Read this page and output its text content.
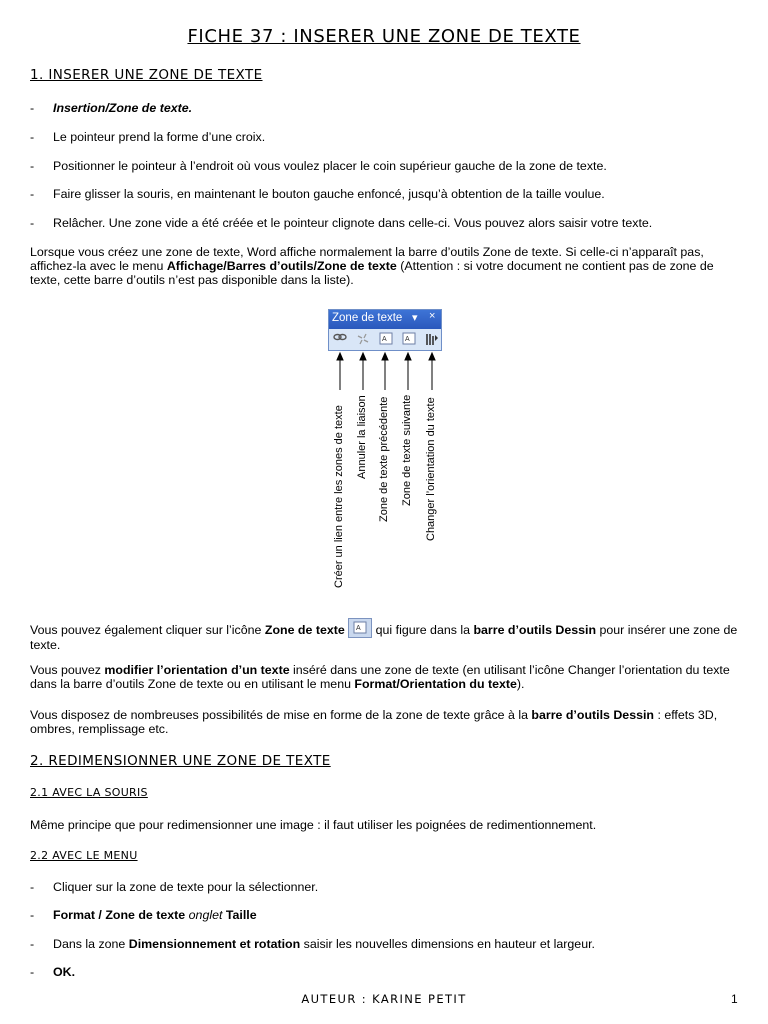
FICHE 37 : INSERER UNE ZONE DE TEXTE
1. INSERER UNE ZONE DE TEXTE
- Insertion/Zone de texte.
- Le pointeur prend la forme d’une croix.
- Positionner le pointeur à l’endroit où vous voulez placer le coin supérieur gauche de la zone de texte.
- Faire glisser la souris, en maintenant le bouton gauche enfoncé, jusqu’à obtention de la taille voulue.
- Relâcher. Une zone vide a été créée et le pointeur clignote dans celle-ci. Vous pouvez alors saisir votre texte.
Lorsque vous créez une zone de texte, Word affiche normalement la barre d’outils Zone de texte. Si celle-ci n’apparaît pas, affichez-la avec le menu Affichage/Barres d’outils/Zone de texte (Attention : si votre document ne contient pas de zone de texte, cette barre d’outils n’est pas disponible dans la liste).
Zone de texte ▾ ×
A	A
Créer un lien entre les zones de texte Annuler la liaison Zone de texte précédente Zone de texte suivante Changer l’orientation du texte
Vous pouvez également cliquer sur l’icône Zone de texte A qui figure dans la barre d’outils Dessin pour insérer une zone de texte.
Vous pouvez modifier l’orientation d’un texte inséré dans une zone de texte (en utilisant l’icône Changer l’orientation du texte dans la barre d’outils Zone de texte ou en utilisant le menu Format/Orientation du texte).
Vous disposez de nombreuses possibilités de mise en forme de la zone de texte grâce à la barre d’outils Dessin : effets 3D, ombres, remplissage etc.
2. REDIMENSIONNER UNE ZONE DE TEXTE
2.1 AVEC LA SOURIS
Même principe que pour redimensionner une image : il faut utiliser les poignées de redimentionnement.
2.2 AVEC LE MENU
- Cliquer sur la zone de texte pour la sélectionner.
- Format / Zone de texte onglet Taille
- Dans la zone Dimensionnement et rotation saisir les nouvelles dimensions en hauteur et largeur.
- OK.
AUTEUR : KARINE PETIT	1
